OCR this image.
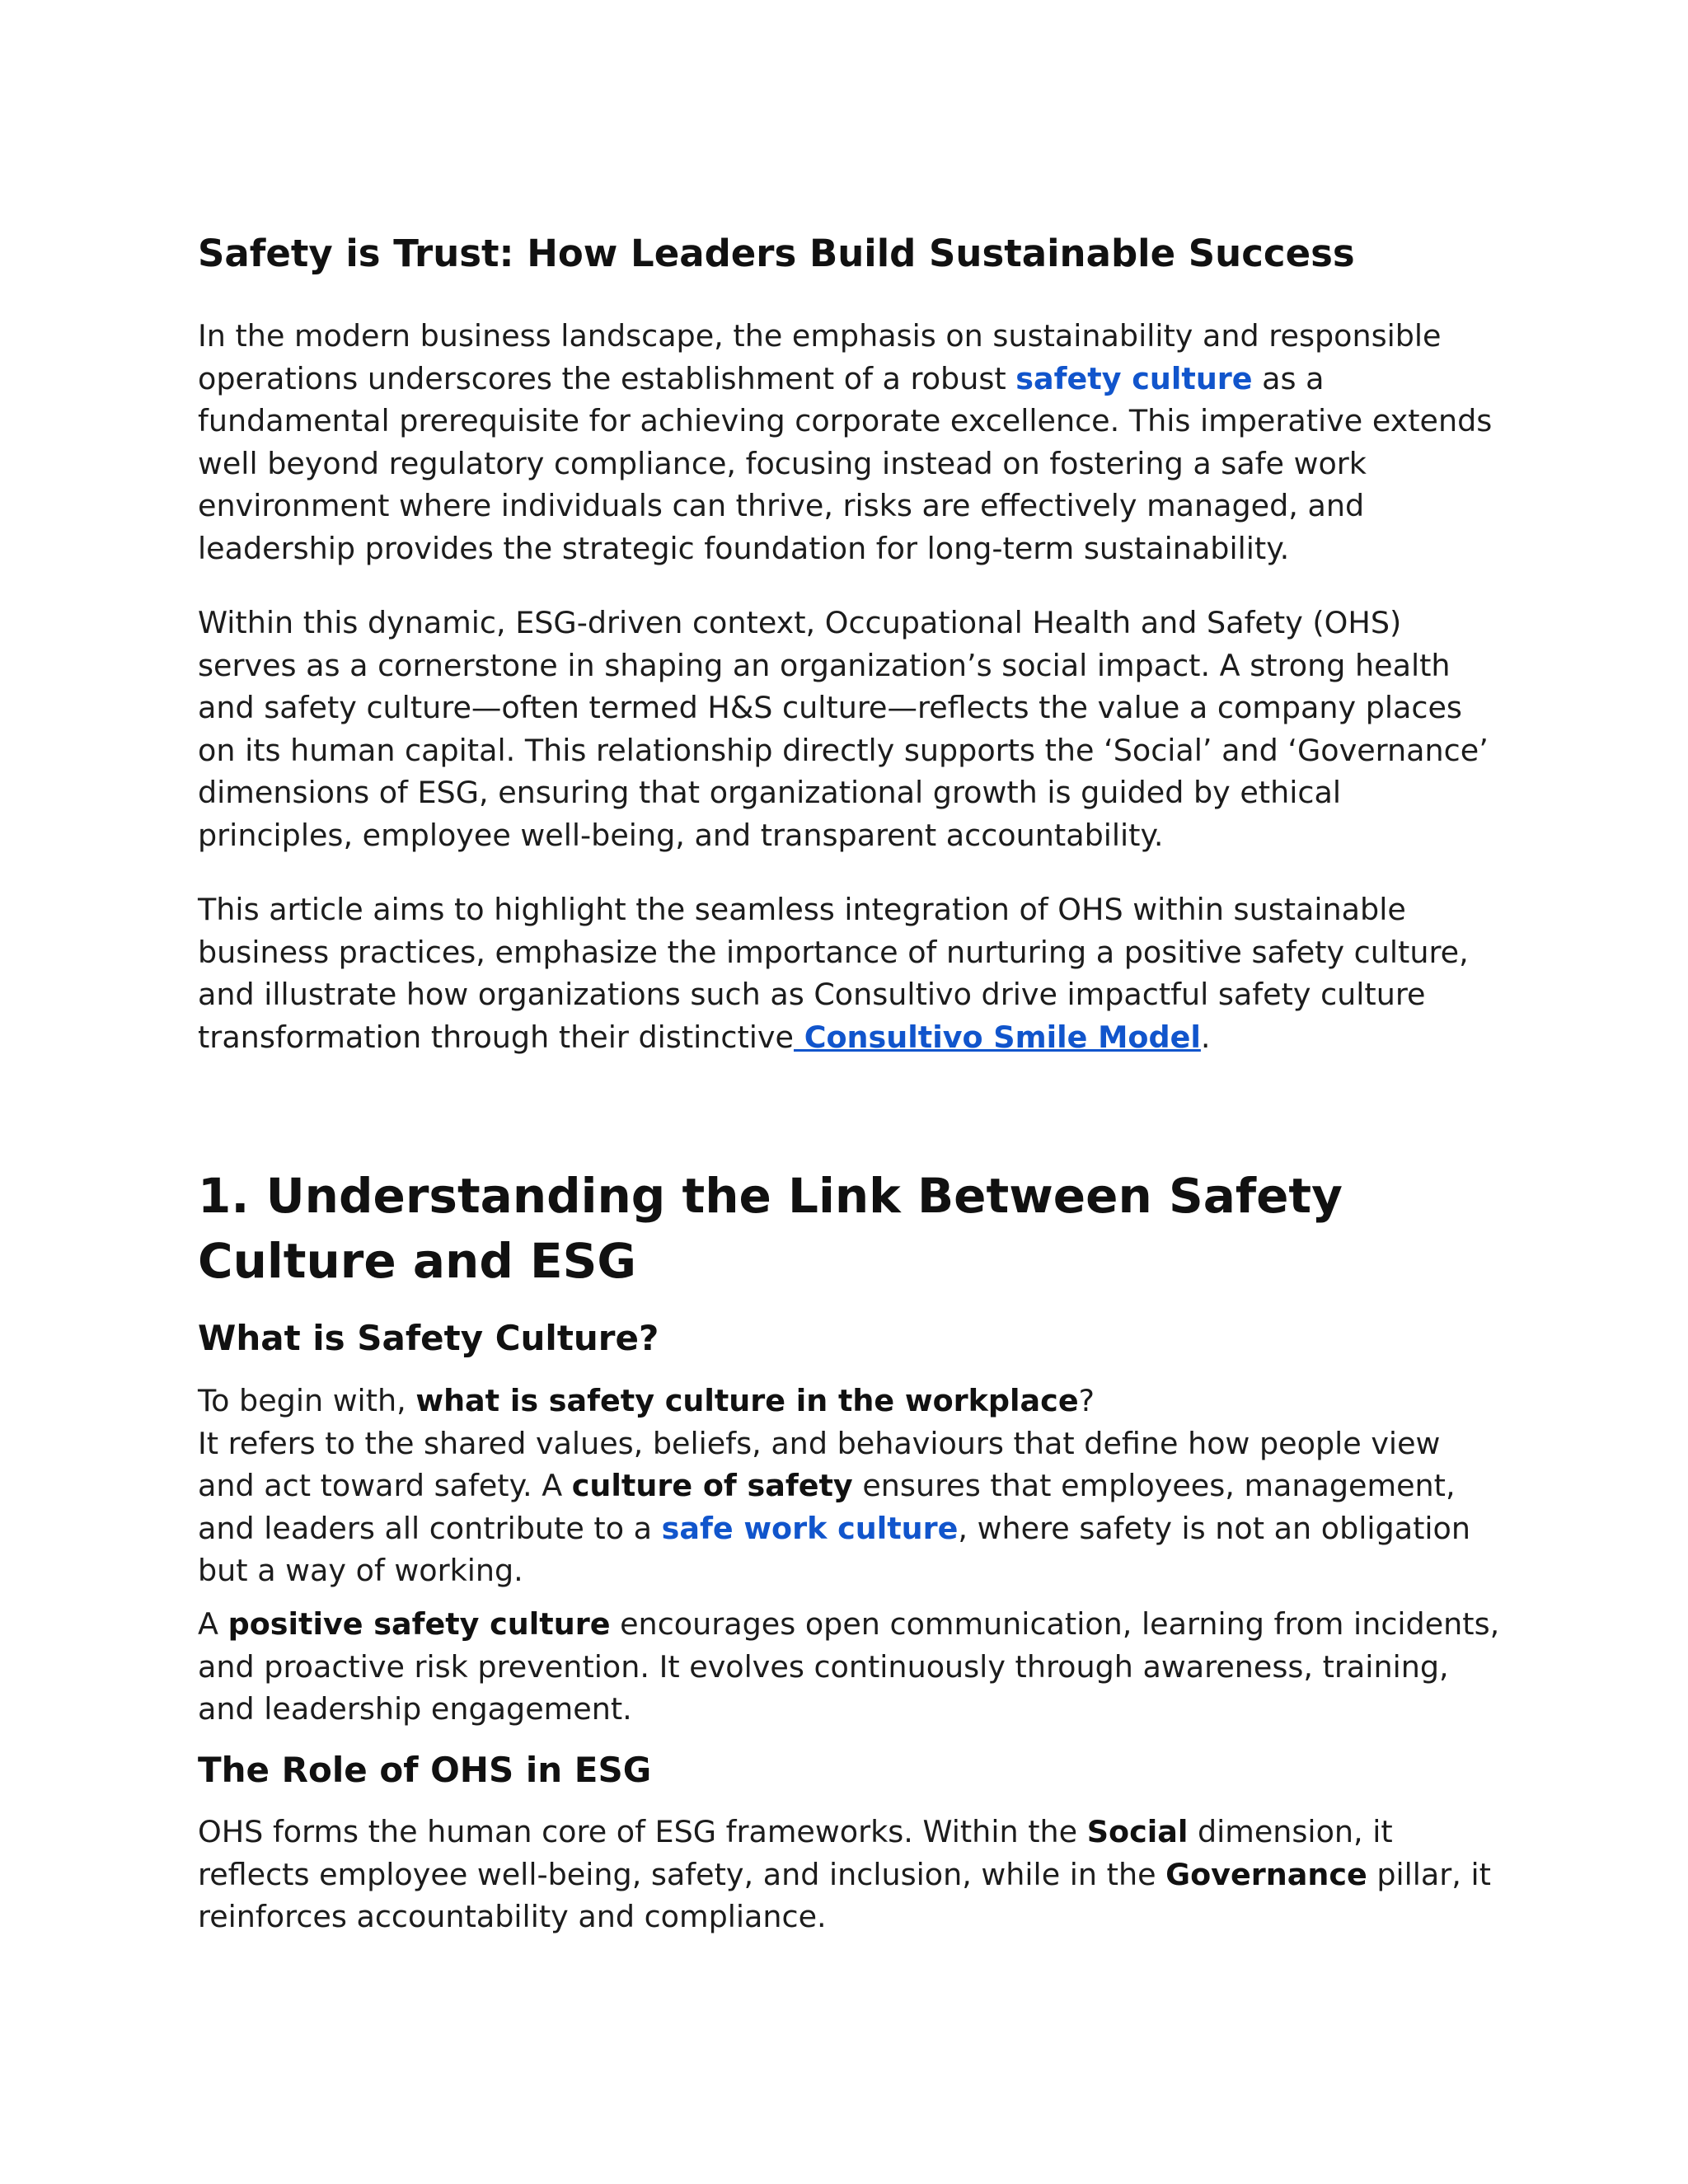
Safety is Trust: How Leaders Build Sustainable Success

In the modern business landscape, the emphasis on sustainability and responsible operations underscores the establishment of a robust safety culture as a fundamental prerequisite for achieving corporate excellence. This imperative extends well beyond regulatory compliance, focusing instead on fostering a safe work environment where individuals can thrive, risks are effectively managed, and leadership provides the strategic foundation for long-term sustainability.

Within this dynamic, ESG-driven context, Occupational Health and Safety (OHS) serves as a cornerstone in shaping an organization’s social impact. A strong health and safety culture—often termed H&S culture—reflects the value a company places on its human capital. This relationship directly supports the ‘Social’ and ‘Governance’ dimensions of ESG, ensuring that organizational growth is guided by ethical principles, employee well-being, and transparent accountability.

This article aims to highlight the seamless integration of OHS within sustainable business practices, emphasize the importance of nurturing a positive safety culture, and illustrate how organizations such as Consultivo drive impactful safety culture transformation through their distinctive Consultivo Smile Model.

1. Understanding the Link Between Safety Culture and ESG
What is Safety Culture?

To begin with, what is safety culture in the workplace?
It refers to the shared values, beliefs, and behaviours that define how people view and act toward safety. A culture of safety ensures that employees, management, and leaders all contribute to a safe work culture, where safety is not an obligation but a way of working.

A positive safety culture encourages open communication, learning from incidents, and proactive risk prevention. It evolves continuously through awareness, training, and leadership engagement.

The Role of OHS in ESG

OHS forms the human core of ESG frameworks. Within the Social dimension, it reflects employee well-being, safety, and inclusion, while in the Governance pillar, it reinforces accountability and compliance.
